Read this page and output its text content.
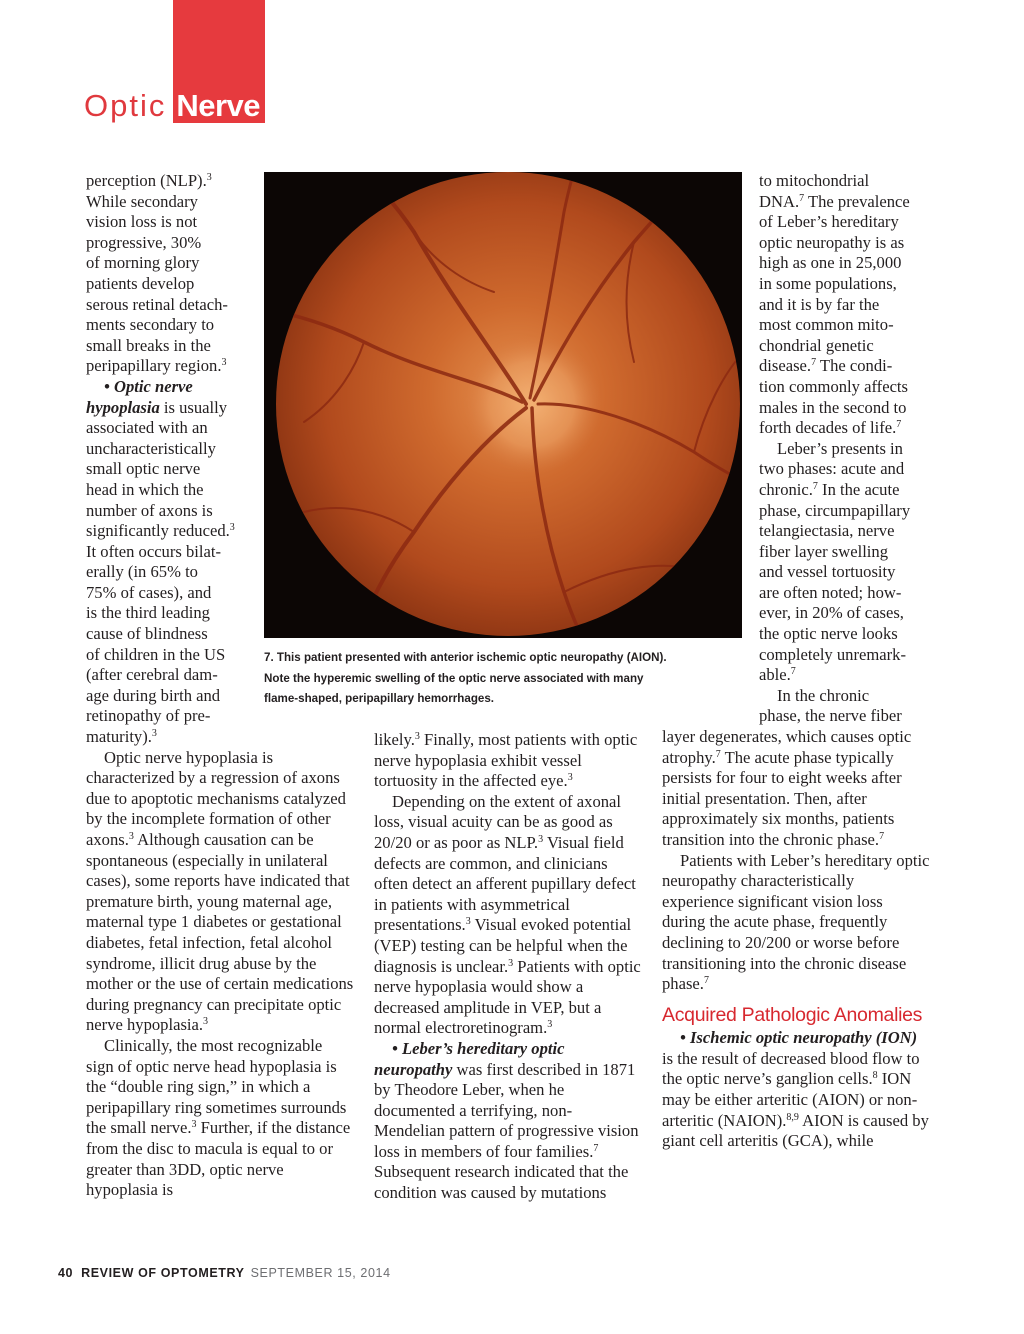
Optic Nerve
perception (NLP).$^3$
While secondary
vision loss is not
progressive, 30%
of morning glory
patients develop
serous retinal detach-
ments secondary to
small breaks in the
peripapillary region.$^3$
• Optic nerve
hypoplasia is usually
associated with an
uncharacteristically
small optic nerve
head in which the
number of axons is
significantly reduced.$^3$
It often occurs bilat-
erally (in 65% to
75% of cases), and
is the third leading
cause of blindness
of children in the US
(after cerebral dam-
age during birth and
retinopathy of pre-
maturity).$^3$

Optic nerve hypoplasia is characterized by a regression of axons due to apoptotic mechanisms catalyzed by the incomplete formation of other axons.$^3$ Although causation can be spontaneous (especially in unilateral cases), some reports have indicated that premature birth, young maternal age, maternal type 1 diabetes or gestational diabetes, fetal infection, fetal alcohol syndrome, illicit drug abuse by the mother or the use of certain medications during pregnancy can precipitate optic nerve hypoplasia.$^3$

Clinically, the most recognizable sign of optic nerve head hypoplasia is the “double ring sign,” in which a peripapillary ring sometimes surrounds the small nerve.$^3$ Further, if the distance from the disc to macula is equal to or greater than 3DD, optic nerve hypoplasia is

7. This patient presented with anterior ischemic optic neuropathy (AION).
Note the hyperemic swelling of the optic nerve associated with many
flame-shaped, peripapillary hemorrhages.

likely.$^3$ Finally, most patients with optic nerve hypoplasia exhibit vessel tortuosity in the affected eye.$^3$

Depending on the extent of axonal loss, visual acuity can be as good as 20/20 or as poor as NLP.$^3$ Visual field defects are common, and clinicians often detect an afferent pupillary defect in patients with asymmetrical presentations.$^3$ Visual evoked potential (VEP) testing can be helpful when the diagnosis is unclear.$^3$ Patients with optic nerve hypoplasia would show a decreased amplitude in VEP, but a normal electroretinogram.$^3$

• Leber’s hereditary optic neuropathy was first described in 1871 by Theodore Leber, when he documented a terrifying, non-Mendelian pattern of progressive vision loss in members of four families.$^7$ Subsequent research indicated that the condition was caused by mutations

to mitochondrial
DNA.$^7$ The prevalence
of Leber’s hereditary
optic neuropathy is as
high as one in 25,000
in some populations,
and it is by far the
most common mito-
chondrial genetic
disease.$^7$ The condi-
tion commonly affects
males in the second to
forth decades of life.$^7$
Leber’s presents in
two phases: acute and
chronic.$^7$ In the acute
phase, circumpapillary
telangiectasia, nerve
fiber layer swelling
and vessel tortuosity
are often noted; how-
ever, in 20% of cases,
the optic nerve looks
completely unremark-
able.$^7$
In the chronic
phase, the nerve fiber

layer degenerates, which causes optic atrophy.$^7$ The acute phase typically persists for four to eight weeks after initial presentation. Then, after approximately six months, patients transition into the chronic phase.$^7$

Patients with Leber’s hereditary optic neuropathy characteristically experience significant vision loss during the acute phase, frequently declining to 20/200 or worse before transitioning into the chronic disease phase.$^7$

Acquired Pathologic Anomalies

• Ischemic optic neuropathy (ION) is the result of decreased blood flow to the optic nerve’s ganglion cells.$^8$ ION may be either arteritic (AION) or non-arteritic (NAION).$^{8,9}$ AION is caused by giant cell arteritis (GCA), while

40 REVIEW OF OPTOMETRY SEPTEMBER 15, 2014
